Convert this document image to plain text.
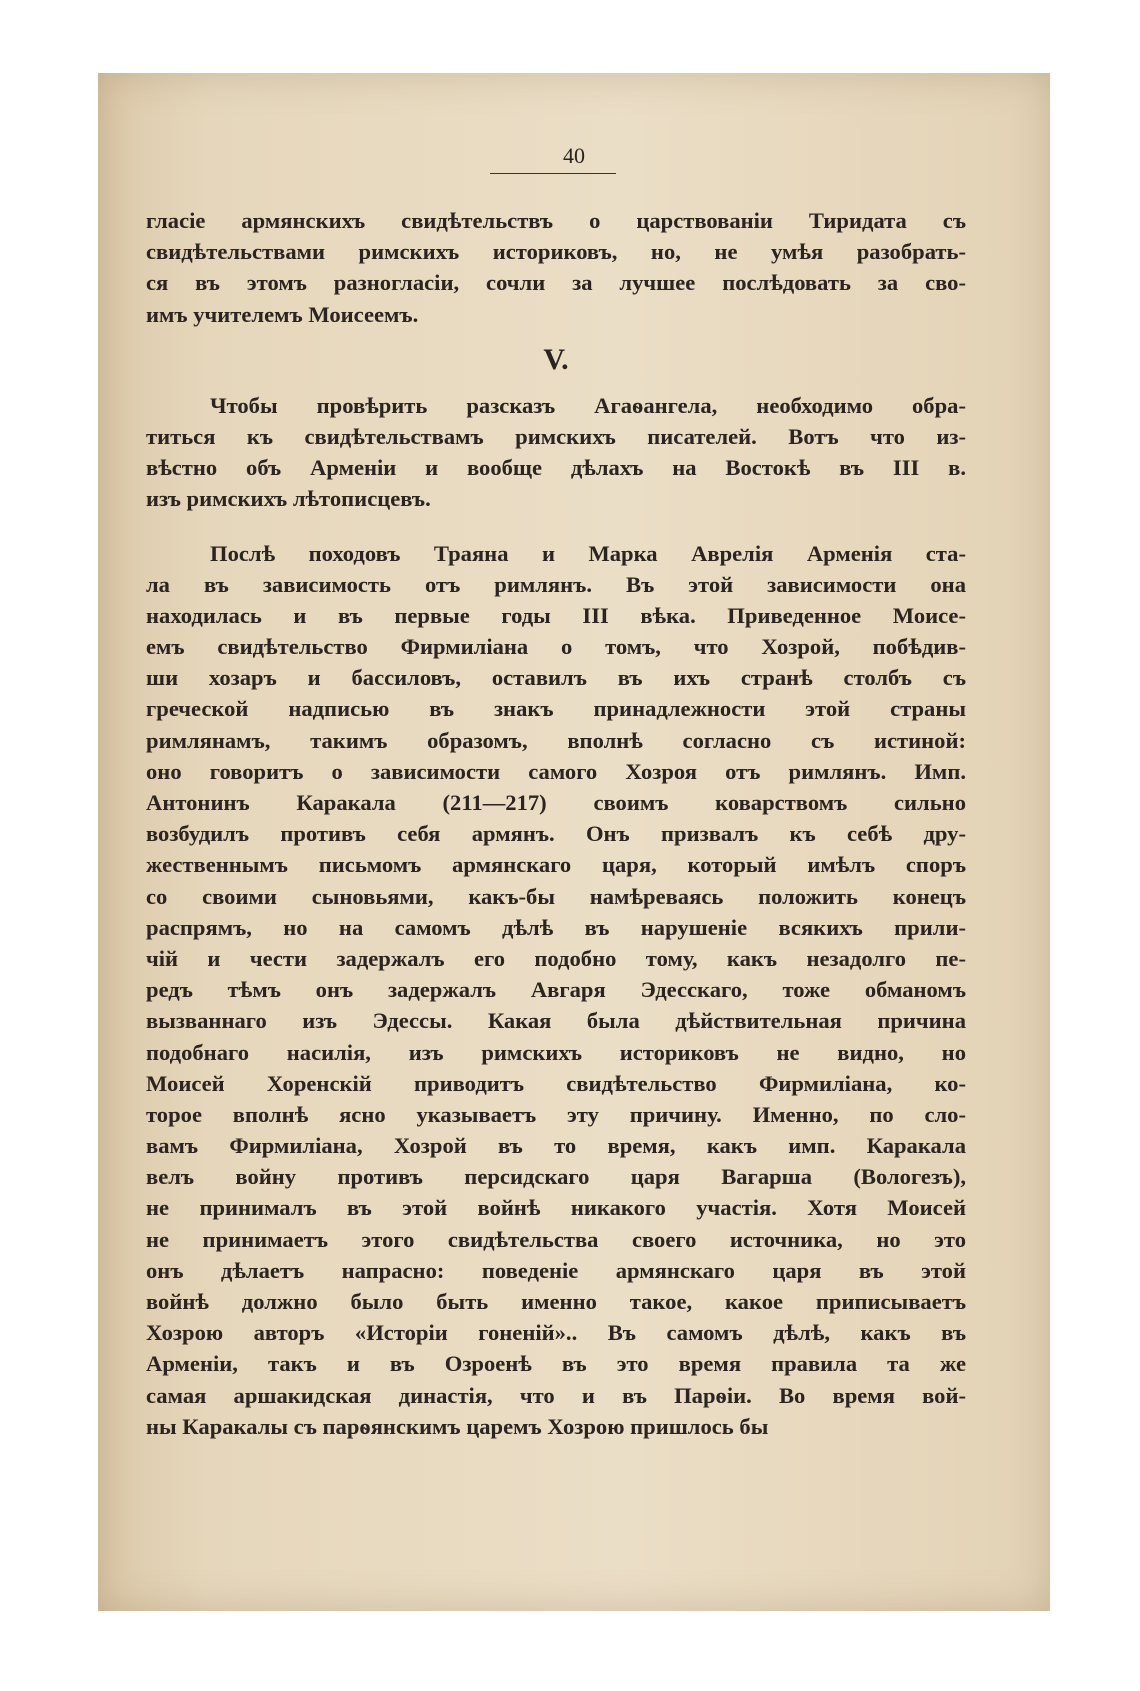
40
гласіе армянскихъ свидѣтельствъ о царствованіи Тиридата съ
свидѣтельствами римскихъ историковъ, но, не умѣя разобрать-
ся въ этомъ разногласіи, сочли за лучшее послѣдовать за сво-
имъ учителемъ Моисеемъ.
V.
Чтобы провѣрить разсказъ Агаѳангела, необходимо обра-
титься къ свидѣтельствамъ римскихъ писателей. Вотъ что из-
вѣстно объ Арменіи и вообще дѣлахъ на Востокѣ въ III в.
изъ римскихъ лѣтописцевъ.
Послѣ походовъ Траяна и Марка Аврелія Арменія ста-
ла въ зависимость отъ римлянъ. Въ этой зависимости она
находилась и въ первые годы III вѣка. Приведенное Моисе-
емъ свидѣтельство Фирмиліана о томъ, что Хозрой, побѣдив-
ши хозаръ и бассиловъ, оставилъ въ ихъ странѣ столбъ съ
греческой надписью въ знакъ принадлежности этой страны
римлянамъ, такимъ образомъ, вполнѣ согласно съ истиной:
оно говоритъ о зависимости самого Хозроя отъ римлянъ. Имп.
Антонинъ Каракала (211—217) своимъ коварствомъ сильно
возбудилъ противъ себя армянъ. Онъ призвалъ къ себѣ дру-
жественнымъ письмомъ армянскаго царя, который имѣлъ споръ
со своими сыновьями, какъ-бы намѣреваясь положить конецъ
распрямъ, но на самомъ дѣлѣ въ нарушеніе всякихъ прили-
чій и чести задержалъ его подобно тому, какъ незадолго пе-
редъ тѣмъ онъ задержалъ Авгаря Эдесскаго, тоже обманомъ
вызваннаго изъ Эдессы. Какая была дѣйствительная причина
подобнаго насилія, изъ римскихъ историковъ не видно, но
Моисей Хоренскій приводитъ свидѣтельство Фирмиліана, ко-
торое вполнѣ ясно указываетъ эту причину. Именно, по сло-
вамъ Фирмиліана, Хозрой въ то время, какъ имп. Каракала
велъ войну противъ персидскаго царя Вагарша (Вологезъ),
не принималъ въ этой войнѣ никакого участія. Хотя Моисей
не принимаетъ этого свидѣтельства своего источника, но это
онъ дѣлаетъ напрасно: поведеніе армянскаго царя въ этой
войнѣ должно было быть именно такое, какое приписываетъ
Хозрою авторъ «Исторіи гоненій».. Въ самомъ дѣлѣ, какъ въ
Арменіи, такъ и въ Озроенѣ въ это время правила та же
самая аршакидская династія, что и въ Парѳіи. Во время вой-
ны Каракалы съ парѳянскимъ царемъ Хозрою пришлось бы
